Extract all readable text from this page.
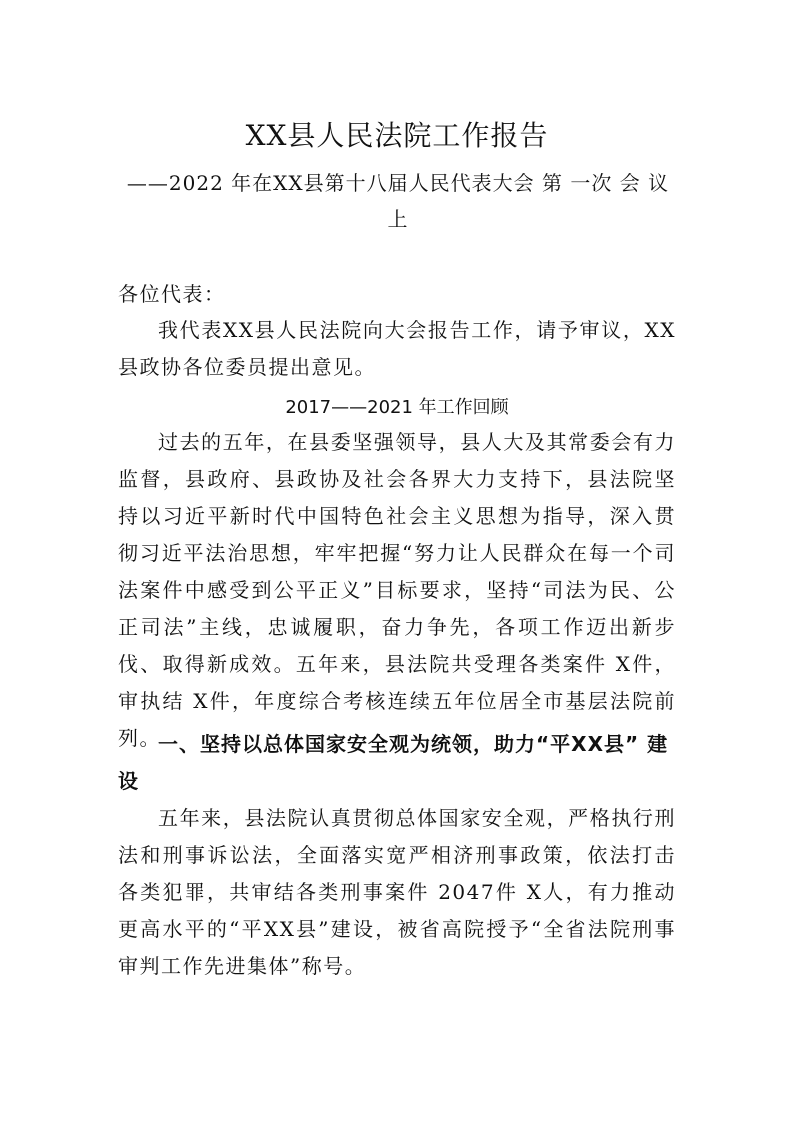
XX县人民法院工作报告
——2022 年在XX县第十八届人民代表大会 第 一次 会 议上
各位代表：
我代表XX县人民法院向大会报告工作，请予审议，XX县政协各位委员提出意见。
2017——2021 年工作回顾
过去的五年，在县委坚强领导，县人大及其常委会有力监督，县政府、县政协及社会各界大力支持下，县法院坚持以习近平新时代中国特色社会主义思想为指导，深入贯彻习近平法治思想，牢牢把握“努力让人民群众在每一个司法案件中感受到公平正义”目标要求，坚持“司法为民、公正司法”主线，忠诚履职，奋力争先，各项工作迈出新步伐、取得新成效。五年来，县法院共受理各类案件 X件，审执结 X件，年度综合考核连续五年位居全市基层法院前列。
一、坚持以总体国家安全观为统领，助力“平XX县” 建设
五年来，县法院认真贯彻总体国家安全观，严格执行刑法和刑事诉讼法，全面落实宽严相济刑事政策，依法打击各类犯罪，共审结各类刑事案件 2047件 X人，有力推动更高水平的“平XX县”建设，被省高院授予“全省法院刑事审判工作先进集体”称号。
